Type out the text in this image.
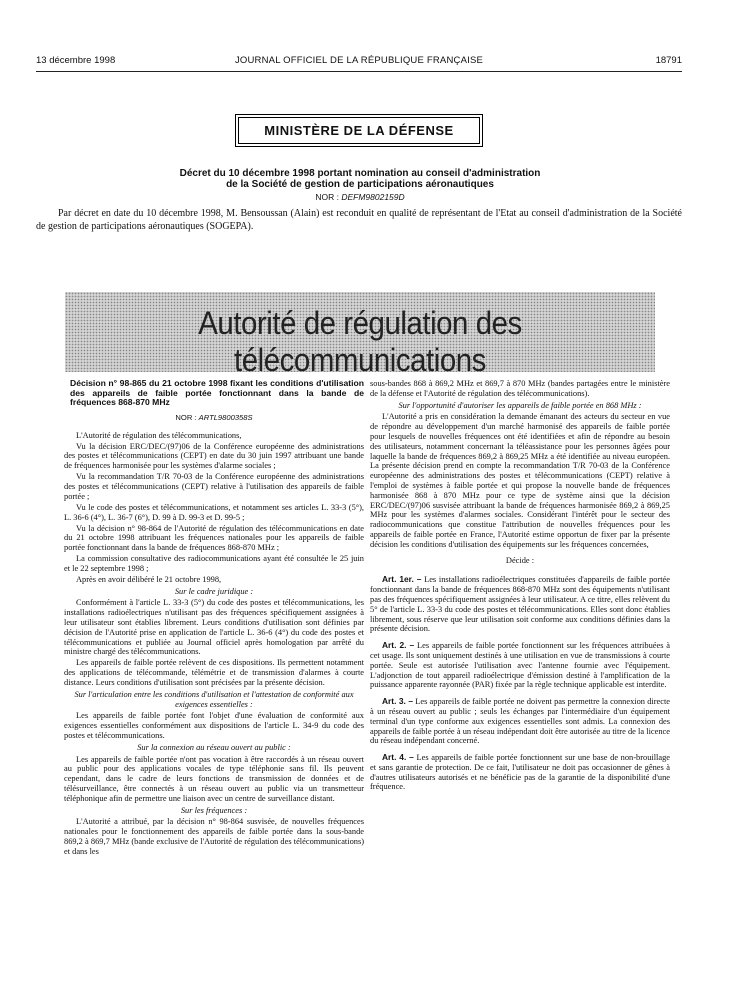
13 décembre 1998	JOURNAL OFFICIEL DE LA RÉPUBLIQUE FRANÇAISE	18791
MINISTÈRE DE LA DÉFENSE
Décret du 10 décembre 1998 portant nomination au conseil d'administration
de la Société de gestion de participations aéronautiques
NOR : DEFM9802159D

Par décret en date du 10 décembre 1998, M. Bensoussan (Alain) est reconduit en qualité de représentant de l'Etat au conseil d'administration de la Société de gestion de participations aéronautiques (SOGEPA).

Autorité de régulation des télécommunications

Décision n° 98-865 du 21 octobre 1998 fixant les conditions d'utilisation des appareils de faible portée fonctionnant dans la bande de fréquences 868-870 MHz

NOR : ARTL9800358S

L'Autorité de régulation des télécommunications,

Vu la décision ERC/DEC/(97)06 de la Conférence européenne des administrations des postes et télécommunications (CEPT) en date du 30 juin 1997 attribuant une bande de fréquences harmonisée pour les systèmes d'alarme sociales ;

Vu la recommandation T/R 70-03 de la Conférence européenne des administrations des postes et télécommunications (CEPT) relative à l'utilisation des appareils de faible portée ;

Vu le code des postes et télécommunications, et notamment ses articles L. 33-3 (5°), L. 36-6 (4°), L. 36-7 (6°), D. 99 à D. 99-3 et D. 99-5 ;

Vu la décision n° 98-864 de l'Autorité de régulation des télécommunications en date du 21 octobre 1998 attribuant les fréquences nationales pour les appareils de faible portée fonctionnant dans la bande de fréquences 868-870 MHz ;

La commission consultative des radiocommunications ayant été consultée le 25 juin et le 22 septembre 1998 ;

Après en avoir délibéré le 21 octobre 1998,

Sur le cadre juridique :

Conformément à l'article L. 33-3 (5°) du code des postes et télécommunications, les installations radioélectriques n'utilisant pas des fréquences spécifiquement assignées à leur utilisateur sont établies librement. Leurs conditions d'utilisation sont définies par décision de l'Autorité prise en application de l'article L. 36-6 (4°) du code des postes et télécommunications et publiée au Journal officiel après homologation par arrêté du ministre chargé des télécommunications.

Les appareils de faible portée relèvent de ces dispositions. Ils permettent notamment des applications de télécommande, télémétrie et de transmission d'alarmes à courte distance. Leurs conditions d'utilisation sont précisées par la présente décision.

Sur l'articulation entre les conditions d'utilisation et l'attestation de conformité aux exigences essentielles :

Les appareils de faible portée font l'objet d'une évaluation de conformité aux exigences essentielles conformément aux dispositions de l'article L. 34-9 du code des postes et télécommunications.

Sur la connexion au réseau ouvert au public :

Les appareils de faible portée n'ont pas vocation à être raccordés à un réseau ouvert au public pour des applications vocales de type téléphonie sans fil. Ils peuvent cependant, dans le cadre de leurs fonctions de transmission de données et de télésurveillance, être connectés à un réseau ouvert au public via un transmetteur téléphonique afin de permettre une liaison avec un centre de surveillance distant.

Sur les fréquences :

L'Autorité a attribué, par la décision n° 98-864 susvisée, de nouvelles fréquences nationales pour le fonctionnement des appareils de faible portée dans la sous-bande 869,2 à 869,7 MHz (bande exclusive de l'Autorité de régulation des télécommunications) et dans les

sous-bandes 868 à 869,2 MHz et 869,7 à 870 MHz (bandes partagées entre le ministère de la défense et l'Autorité de régulation des télécommunications).

Sur l'opportunité d'autoriser les appareils de faible portée en 868 MHz :

L'Autorité a pris en considération la demande émanant des acteurs du secteur en vue de répondre au développement d'un marché harmonisé des appareils de faible portée pour lesquels de nouvelles fréquences ont été identifiées et afin de répondre au besoin des utilisateurs, notamment concernant la téléassistance pour les personnes âgées pour laquelle la bande de fréquences 869,2 à 869,25 MHz a été identifiée au niveau européen. La présente décision prend en compte la recommandation T/R 70-03 de la Conférence européenne des administrations des postes et télécommunications (CEPT) relative à l'emploi de systèmes à faible portée et qui propose la nouvelle bande de fréquences harmonisée 868 à 870 MHz pour ce type de système ainsi que la décision ERC/DEC/(97)06 susvisée attribuant la bande de fréquences harmonisée 869,2 à 869,25 MHz pour les systèmes d'alarmes sociales. Considérant l'intérêt pour le secteur des radiocommunications que constitue l'attribution de nouvelles fréquences pour les appareils de faible portée en France, l'Autorité estime opportun de fixer par la présente décision les conditions d'utilisation des équipements sur les fréquences concernées,

Décide :

Art. 1er. – Les installations radioélectriques constituées d'appareils de faible portée fonctionnant dans la bande de fréquences 868-870 MHz sont des équipements n'utilisant pas des fréquences spécifiquement assignées à leur utilisateur. A ce titre, elles relèvent du 5° de l'article L. 33-3 du code des postes et télécommunications. Elles sont donc établies librement, sous réserve que leur utilisation soit conforme aux conditions définies dans la présente décision.

Art. 2. – Les appareils de faible portée fonctionnent sur les fréquences attribuées à cet usage. Ils sont uniquement destinés à une utilisation en vue de transmissions à courte portée. Seule est autorisée l'utilisation avec l'antenne fournie avec l'équipement. L'adjonction de tout appareil radioélectrique d'émission destiné à l'amplification de la puissance apparente rayonnée (PAR) fixée par la règle technique applicable est interdite.

Art. 3. – Les appareils de faible portée ne doivent pas permettre la connexion directe à un réseau ouvert au public ; seuls les échanges par l'intermédiaire d'un équipement terminal d'un type conforme aux exigences essentielles sont admis. La connexion des appareils de faible portée à un réseau indépendant doit être autorisée au titre de la licence du réseau indépendant concerné.

Art. 4. – Les appareils de faible portée fonctionnent sur une base de non-brouillage et sans garantie de protection. De ce fait, l'utilisateur ne doit pas occasionner de gênes à d'autres utilisateurs autorisés et ne bénéficie pas de la garantie de la disponibilité d'une fréquence.
